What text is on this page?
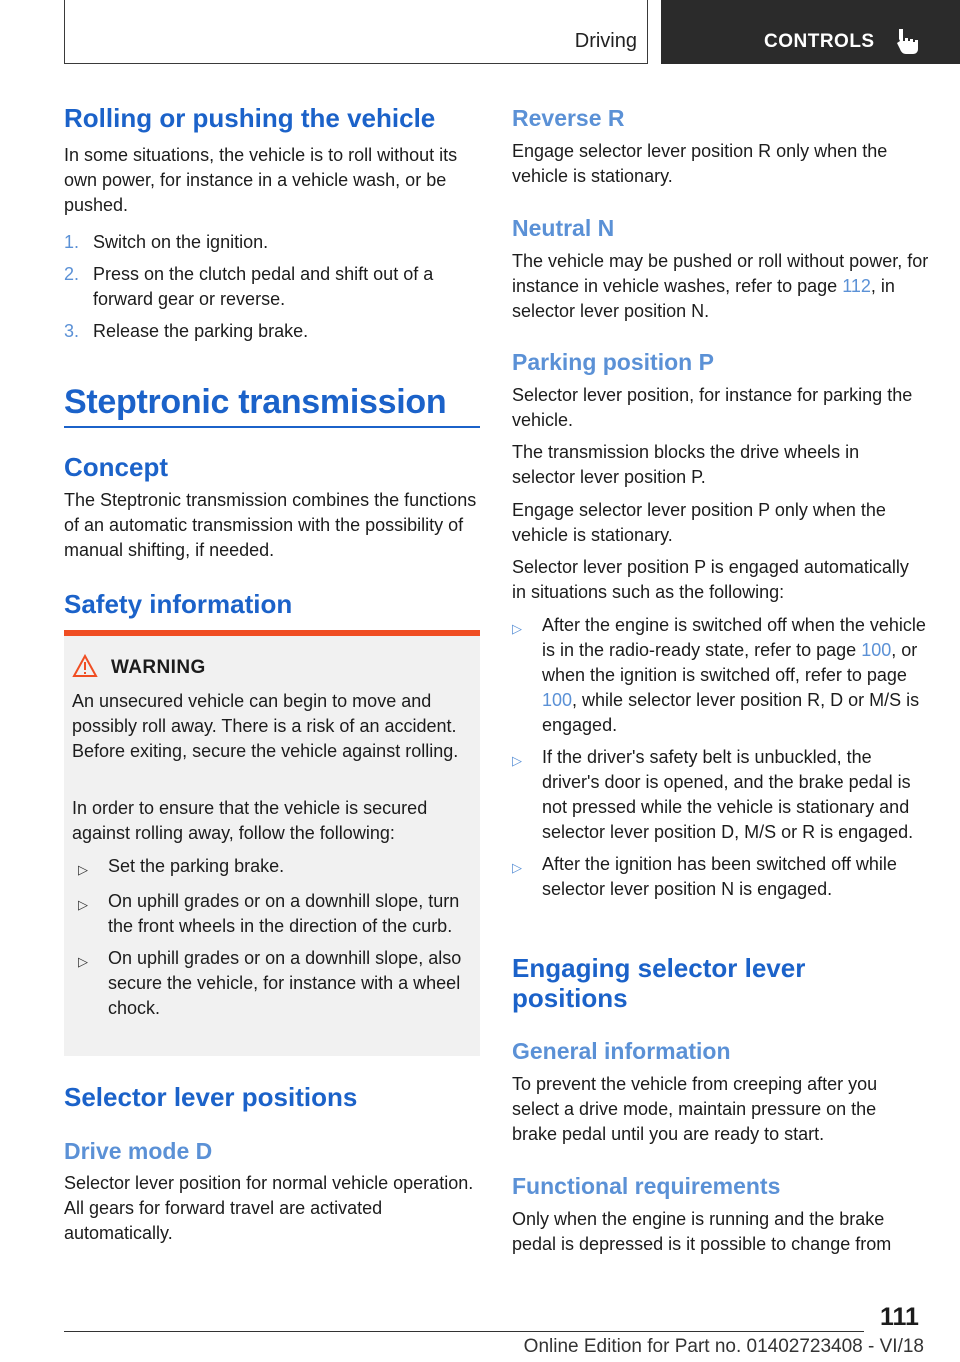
Driving	CONTROLS
Rolling or pushing the vehicle

In some situations, the vehicle is to roll without its own power, for instance in a vehicle wash, or be pushed.

1. Switch on the ignition.
2. Press on the clutch pedal and shift out of a forward gear or reverse.
3. Release the parking brake.
Steptronic transmission
Concept

The Steptronic transmission combines the functions of an automatic transmission with the possibility of manual shifting, if needed.

Safety information
WARNING

An unsecured vehicle can begin to move and possibly roll away. There is a risk of an accident. Before exiting, secure the vehicle against rolling.

In order to ensure that the vehicle is secured against rolling away, follow the following:

▷	Set the parking brake.
▷	On uphill grades or on a downhill slope, turn the front wheels in the direction of the curb.
▷	On uphill grades or on a downhill slope, also secure the vehicle, for instance with a wheel chock.
Selector lever positions
Drive mode D

Selector lever position for normal vehicle operation. All gears for forward travel are activated automatically.

Reverse R

Engage selector lever position R only when the vehicle is stationary.

Neutral N

The vehicle may be pushed or roll without power, for instance in vehicle washes, refer to page 112, in selector lever position N.

Parking position P

Selector lever position, for instance for parking the vehicle.

The transmission blocks the drive wheels in selector lever position P.

Engage selector lever position P only when the vehicle is stationary.

Selector lever position P is engaged automatically in situations such as the following:

▷	After the engine is switched off when the vehicle is in the radio-ready state, refer to page 100, or when the ignition is switched off, refer to page 100, while selector lever position R, D or M/S is engaged.
▷	If the driver's safety belt is unbuckled, the driver's door is opened, and the brake pedal is not pressed while the vehicle is stationary and selector lever position D, M/S or R is engaged.
▷	After the ignition has been switched off while selector lever position N is engaged.
Engaging selector lever
positions
General information

To prevent the vehicle from creeping after you select a drive mode, maintain pressure on the brake pedal until you are ready to start.

Functional requirements

Only when the engine is running and the brake pedal is depressed is it possible to change from

111
Online Edition for Part no. 01402723408 - VI/18
